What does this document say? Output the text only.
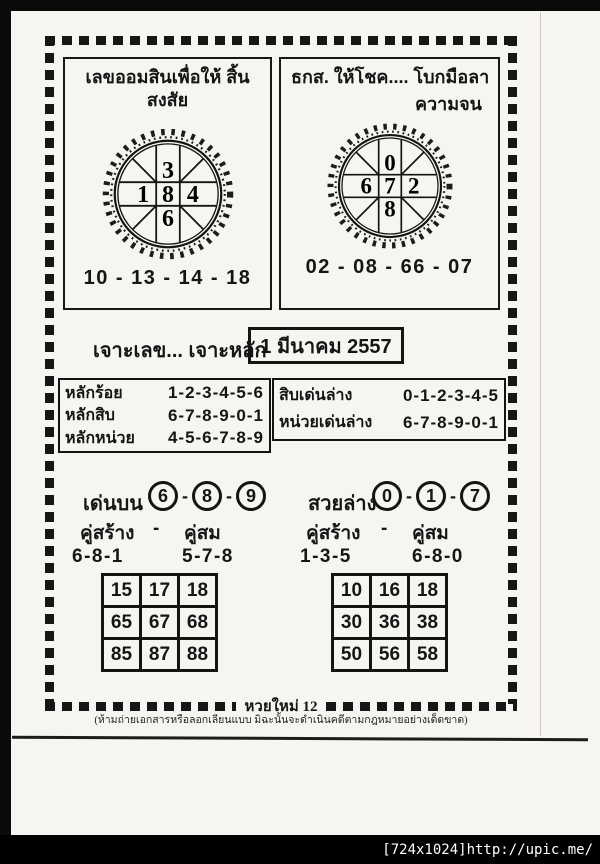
เลขออมสินเพื่อให้ สิ้นสงสัย
3
1 8 4
6
10 - 13 - 14 - 18
ธกส. ให้โชค.... โบกมือลา
ความจน
0
6 7 2
8
02 - 08 - 66 - 07
เจาะเลข... เจาะหลัก
1 มีนาคม 2557
หลักร้อย	1-2-3-4-5-6
หลักสิบ	6-7-8-9-0-1
หลักหน่วย 4-5-6-7-8-9
สิบเด่นล่าง	0-1-2-3-4-5
หน่วยเด่นล่าง 6-7-8-9-0-1
เด่นบน 6 - 8 - 9
คู่สร้าง - คู่สม
6-8-1	5-7-8
สวยล่าง 0 - 1 - 7
คู่สร้าง - คู่สม
1-3-5	6-8-0
15	17	18
65	67	68
85	87	88
10	16	18
30	36	38
50	56	58
หวยใหม่ 12
(ห้ามถ่ายเอกสารหรือลอกเลียนแบบ มิฉะนั้นจะดำเนินคดีตามกฎหมายอย่างเด็ดขาด)
[724x1024]http://upic.me/
